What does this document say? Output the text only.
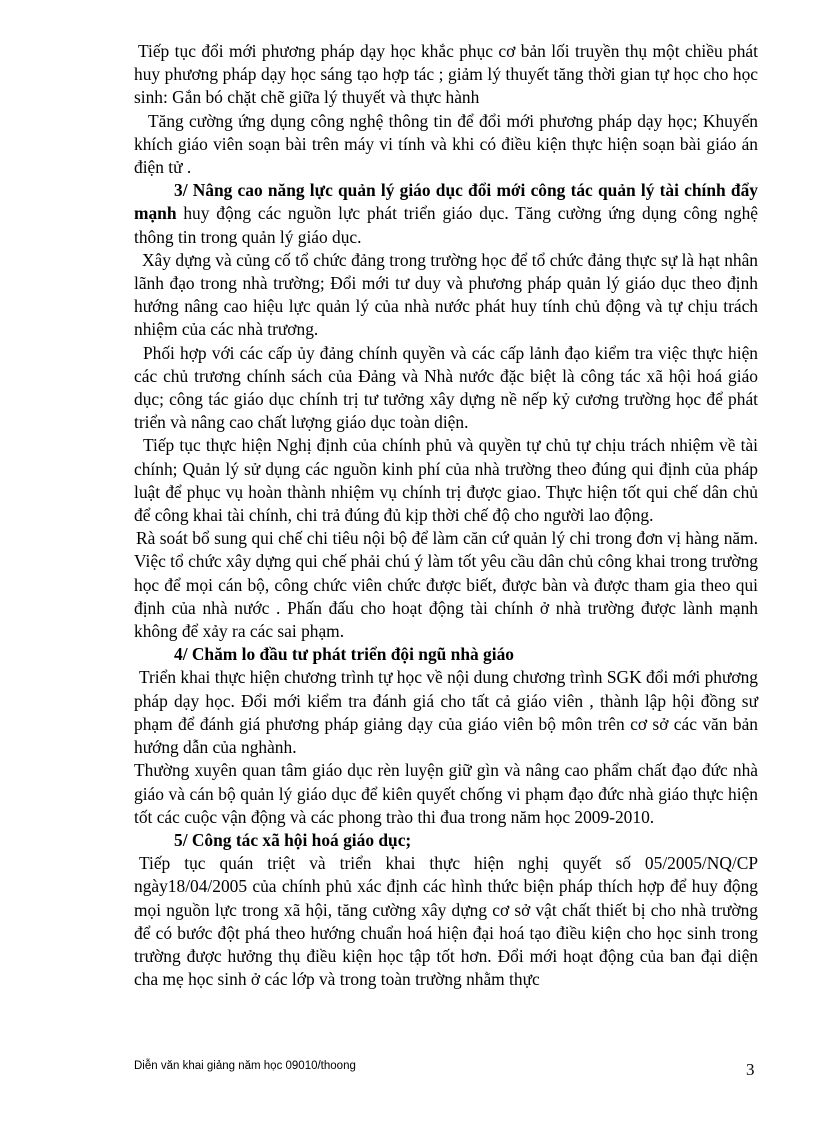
Tiếp tục đổi mới phương pháp dạy học khắc phục cơ bản lối truyền thụ một chiều phát huy phương pháp dạy học sáng tạo hợp tác ; giảm lý thuyết tăng thời gian tự học cho học sinh: Gắn bó chặt chẽ giữa lý thuyết và thực hành

Tăng cường ứng dụng công nghệ thông tin để đổi mới phương pháp dạy học; Khuyến khích giáo viên soạn bài trên máy vi tính và khi có điều kiện thực hiện soạn bài giáo án điện tử .

3/ Nâng cao năng lực quản lý giáo dục đổi mới công tác quản lý tài chính đẩy mạnh huy động các nguồn lực phát triển giáo dục. Tăng cường ứng dụng công nghệ thông tin trong quản lý giáo dục.

Xây dựng và củng cố tổ chức đảng trong trường học để tổ chức đảng thực sự là hạt nhân lãnh đạo trong nhà trường; Đổi mới tư duy và phương pháp quản lý giáo dục theo định hướng nâng cao hiệu lực quản lý của nhà nước phát huy tính chủ động và tự chịu trách nhiệm của các nhà trương.

Phối hợp với các cấp ủy đảng chính quyền và các cấp lảnh đạo kiểm tra việc thực hiện các chủ trương chính sách của Đảng và Nhà nước đặc biệt là công tác xã hội hoá giáo dục; công tác giáo dục chính trị tư tưởng xây dựng nề nếp kỷ cương trường học để phát triển và nâng cao chất lượng giáo dục toàn diện.

Tiếp tục thực hiện Nghị định của chính phủ và quyền tự chủ tự chịu trách nhiệm về tài chính; Quản lý sử dụng các nguồn kinh phí của nhà trường theo đúng qui định của pháp luật để phục vụ hoàn thành nhiệm vụ chính trị được giao. Thực hiện tốt qui chế dân chủ để công khai tài chính, chi trả đúng đủ kịp thời chế độ cho người lao động.

Rà soát bổ sung qui chế chi tiêu nội bộ để làm căn cứ quản lý chi trong đơn vị hàng năm. Việc tổ chức xây dựng qui chế phải chú ý làm tốt yêu cầu dân chủ công khai trong trường học để mọi cán bộ, công chức viên chức được biết, được bàn và được tham gia theo qui định của nhà nước . Phấn đấu cho hoạt động tài chính ở nhà trường được lành mạnh không để xảy ra các sai phạm.

4/ Chăm lo đầu tư phát triển đội ngũ nhà giáo

Triển khai thực hiện chương trình tự học về nội dung chương trình SGK đổi mới phương pháp dạy học. Đổi mới kiểm tra đánh giá cho tất cả giáo viên , thành lập hội đồng sư phạm để đánh giá phương pháp giảng dạy của giáo viên bộ môn trên cơ sở các văn bản hướng dẫn của nghành.

Thường xuyên quan tâm giáo dục rèn luyện giữ gìn và nâng cao phẩm chất đạo đức nhà giáo và cán bộ quản lý giáo dục để kiên quyết chống vi phạm đạo đức nhà giáo thực hiện tốt các cuộc vận động và các phong trào thi đua trong năm học 2009-2010.

5/ Công tác xã hội hoá giáo dục;

Tiếp tục quán triệt và triển khai thực hiện nghị quyết số 05/2005/NQ/CP ngày18/04/2005 của chính phủ xác định các hình thức biện pháp thích hợp để huy động mọi nguồn lực trong xã hội, tăng cường xây dựng cơ sở vật chất thiết bị cho nhà trường để có bước đột phá theo hướng chuẩn hoá hiện đại hoá tạo điều kiện cho học sinh trong trường được hưởng thụ điều kiện học tập tốt hơn. Đổi mới hoạt động của ban đại diện cha mẹ học sinh ở các lớp và trong toàn trường nhằm thực

Diễn văn khai giảng năm học 09010/thoong	3
